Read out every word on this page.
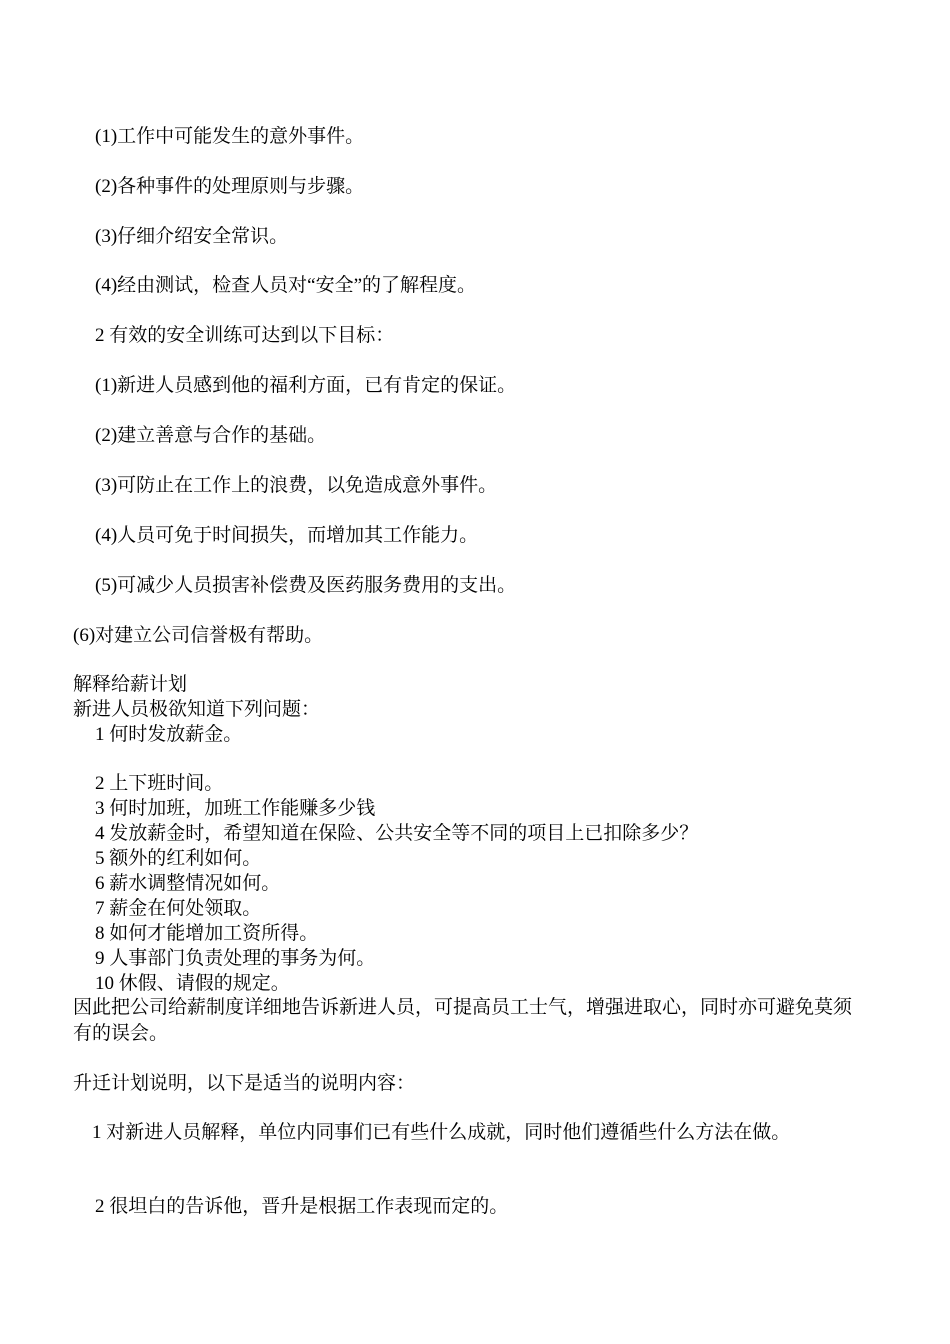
(1)工作中可能发生的意外事件。
(2)各种事件的处理原则与步骤。
(3)仔细介绍安全常识。
(4)经由测试，检查人员对“安全”的了解程度。
2 有效的安全训练可达到以下目标：
(1)新进人员感到他的福利方面，已有肯定的保证。
(2)建立善意与合作的基础。
(3)可防止在工作上的浪费，以免造成意外事件。
(4)人员可免于时间损失，而增加其工作能力。
(5)可减少人员损害补偿费及医药服务费用的支出。
(6)对建立公司信誉极有帮助。
解释给薪计划
新进人员极欲知道下列问题：
1 何时发放薪金。
2 上下班时间。
3 何时加班，加班工作能赚多少钱
4 发放薪金时，希望知道在保险、公共安全等不同的项目上已扣除多少？
5 额外的红利如何。
6 薪水调整情况如何。
7 薪金在何处领取。
8 如何才能增加工资所得。
9 人事部门负责处理的事务为何。
10 休假、请假的规定。
因此把公司给薪制度详细地告诉新进人员，可提高员工士气，增强进取心，同时亦可避免莫须有的误会。
升迁计划说明，以下是适当的说明内容：
　1 对新进人员解释，单位内同事们已有些什么成就，同时他们遵循些什么方法在做。
2 很坦白的告诉他，晋升是根据工作表现而定的。
